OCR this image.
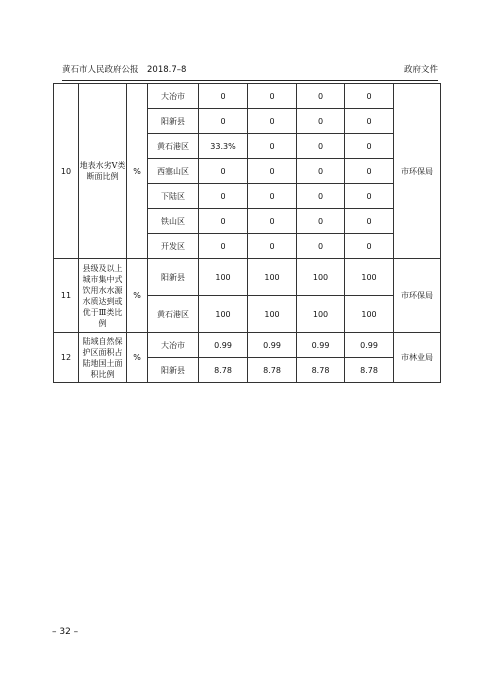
黄石市人民政府公报　2018.7–8	政府文件
10	地表水劣Ⅴ类断面比例	%	大冶市	0	0	0	0	市环保局
			阳新县	0	0	0	0	
			黄石港区	33.3%	0	0	0	
			西塞山区	0	0	0	0	
			下陆区	0	0	0	0	
			铁山区	0	0	0	0	
			开发区	0	0	0	0	
11	县级及以上城市集中式饮用水水源水质达到或优于Ⅲ类比例	%	阳新县	100	100	100	100	市环保局
			黄石港区	100	100	100	100	
12	陆域自然保护区面积占陆地国土面积比例	%	大冶市	0.99	0.99	0.99	0.99	市林业局
			阳新县	8.78	8.78	8.78	8.78	
– 32 –
